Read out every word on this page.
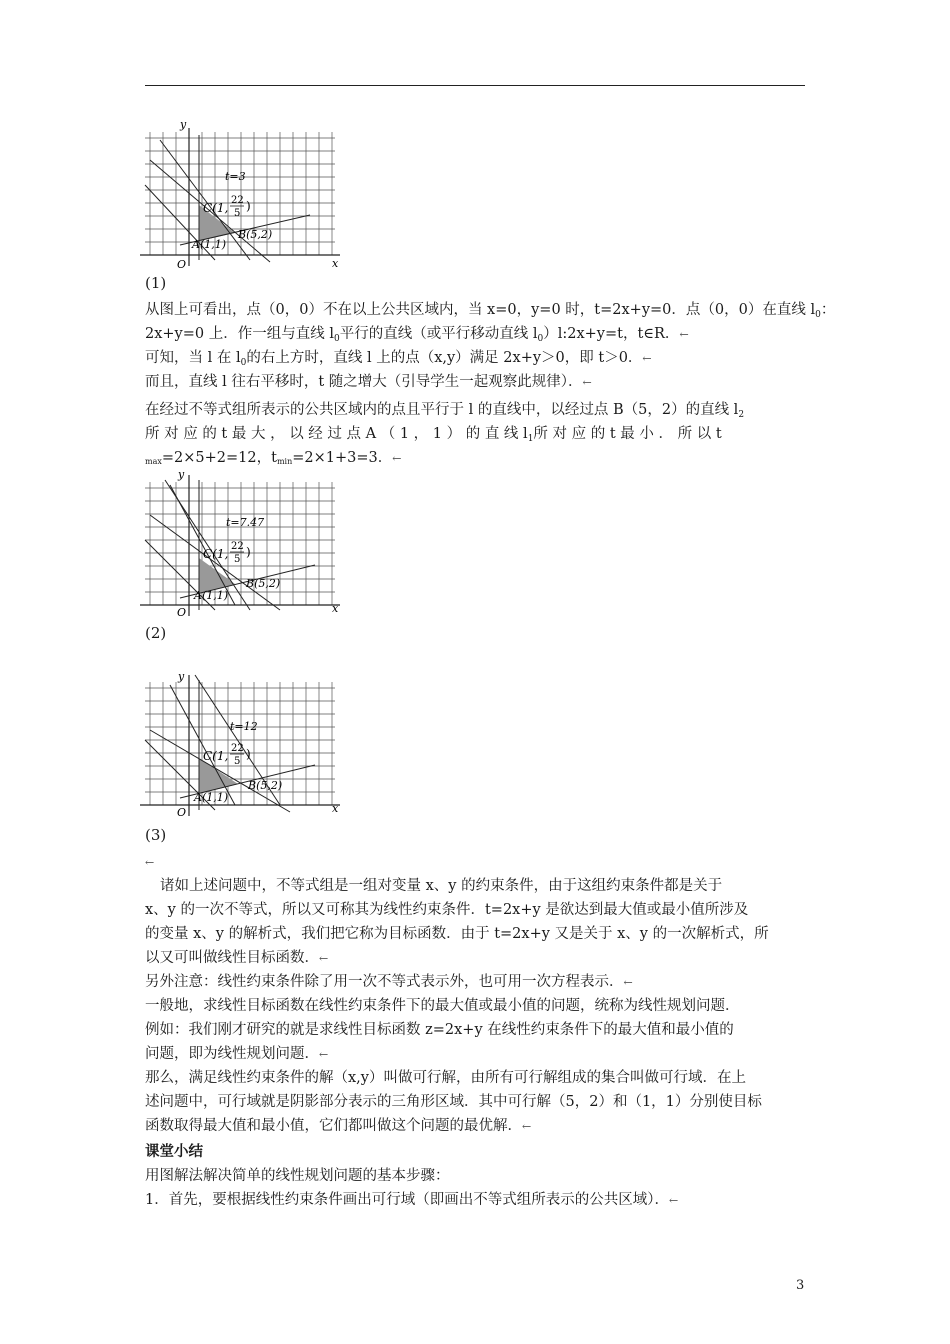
y
x
O
t=3
C(1,
22
5
)
A(1,1)
B(5,2)
(1)
从图上可看出，点（0，0）不在以上公共区域内，当 x=0，y=0 时，t=2x+y=0．点（0，0）在直线 $l_0$：
2x+y=0 上．作一组与直线 $l_0$平行的直线（或平行移动直线 $l_0)l:2x+y=t$，t∈R．←
可知，当 l 在 $l_0$的右上方时，直线 l 上的点（x,y）满足 2x+y＞0，即 t＞0．←
而且，直线 l 往右平移时，t 随之增大（引导学生一起观察此规律）．←
在经过不等式组所表示的公共区域内的点且平行于 l 的直线中，以经过点 B（5，2）的直线 $l_2$
所 对 应 的 t 最 大 ， 以 经 过 点 A （ 1 ， 1 ） 的 直 线 $l_1$所 对 应 的 t 最 小 ． 所 以 t
max=2×5+2=12，tmin=2×1+3=3．←
y
x
O
t=7.47
C(1,
22
5
)
A(1,1)
B(5,2)
(2)
y
x
O
t=12
C(1,
22
5
)
A(1,1)
B(5,2)
(3)
←
诸如上述问题中，不等式组是一组对变量 x、y 的约束条件，由于这组约束条件都是关于
x、y 的一次不等式，所以又可称其为线性约束条件．t=2x+y 是欲达到最大值或最小值所涉及
的变量 x、y 的解析式，我们把它称为目标函数．由于 t=2x+y 又是关于 x、y 的一次解析式，所
以又可叫做线性目标函数．←
另外注意：线性约束条件除了用一次不等式表示外，也可用一次方程表示．←
一般地，求线性目标函数在线性约束条件下的最大值或最小值的问题，统称为线性规划问题．
例如：我们刚才研究的就是求线性目标函数 z=2x+y 在线性约束条件下的最大值和最小值的
问题，即为线性规划问题．←
那么，满足线性约束条件的解（x,y）叫做可行解，由所有可行解组成的集合叫做可行域．在上
述问题中，可行域就是阴影部分表示的三角形区域．其中可行解（5，2）和（1，1）分别使目标
函数取得最大值和最小值，它们都叫做这个问题的最优解．←
课堂小结
用图解法解决简单的线性规划问题的基本步骤：
1．首先，要根据线性约束条件画出可行域（即画出不等式组所表示的公共区域）．←
3
